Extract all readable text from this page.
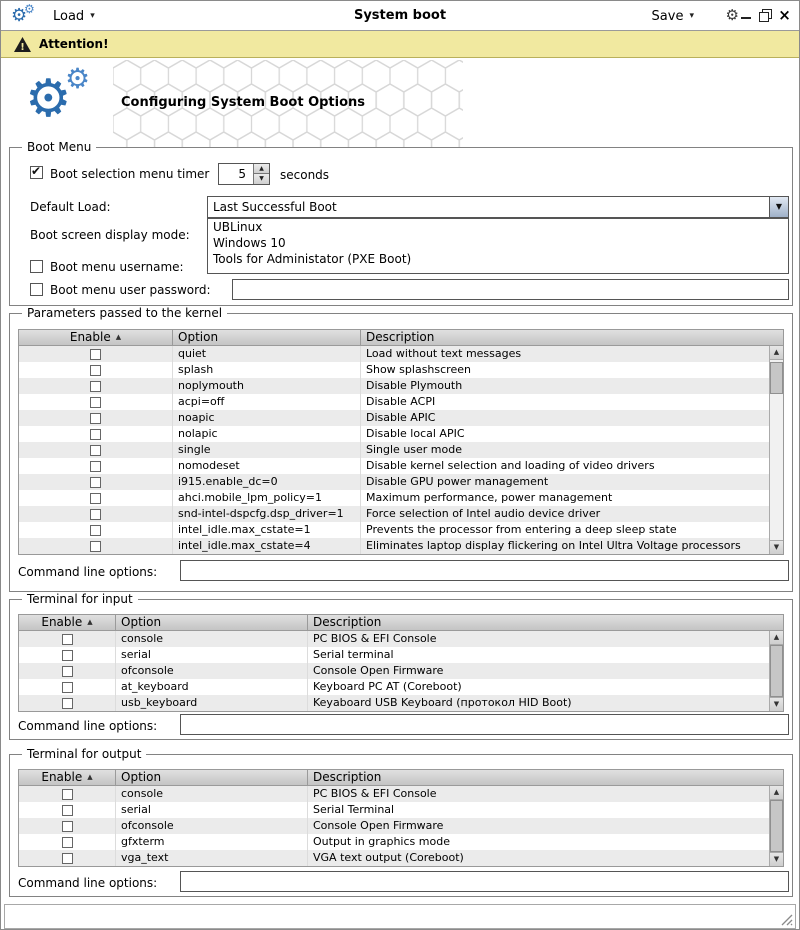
⚙
⚙ Load ▾	System boot	Save ▾ ⚙	×
! Attention!
⚙
⚙
Configuring System Boot Options
Boot Menu
✔ Boot selection menu timer
5	▲
▼	seconds
Default Load:	Last Successful Boot	▼
Boot screen display mode:
UBLinux
Windows 10
Tools for Administator (PXE Boot)
Boot menu username:
Boot menu user password:
Parameters passed to the kernel
Enable ▲	Option	Description
quiet	Load without text messages
splash	Show splashscreen
noplymouth	Disable Plymouth
acpi=off	Disable ACPI
noapic	Disable APIC
nolapic	Disable local APIC
single	Single user mode
nomodeset	Disable kernel selection and loading of video drivers
i915.enable_dc=0	Disable GPU power management
ahci.mobile_lpm_policy=1	Maximum performance, power management
snd-intel-dspcfg.dsp_driver=1	Force selection of Intel audio device driver
intel_idle.max_cstate=1	Prevents the processor from entering a deep sleep state
intel_idle.max_cstate=4	Eliminates laptop display flickering on Intel Ultra Voltage processors
▲
▼
Command line options:
Terminal for input
Enable ▲	Option	Description
console	PC BIOS & EFI Console
serial	Serial terminal
ofconsole	Console Open Firmware
at_keyboard	Keyboard PC AT (Coreboot)
usb_keyboard	Keyaboard USB Keyboard (протокол HID Boot)
▲
▼
Command line options:
Terminal for output
Enable ▲	Option	Description
console	PC BIOS & EFI Console
serial	Serial Terminal
ofconsole	Console Open Firmware
gfxterm	Output in graphics mode
vga_text	VGA text output (Coreboot)
▲
▼
Command line options:
